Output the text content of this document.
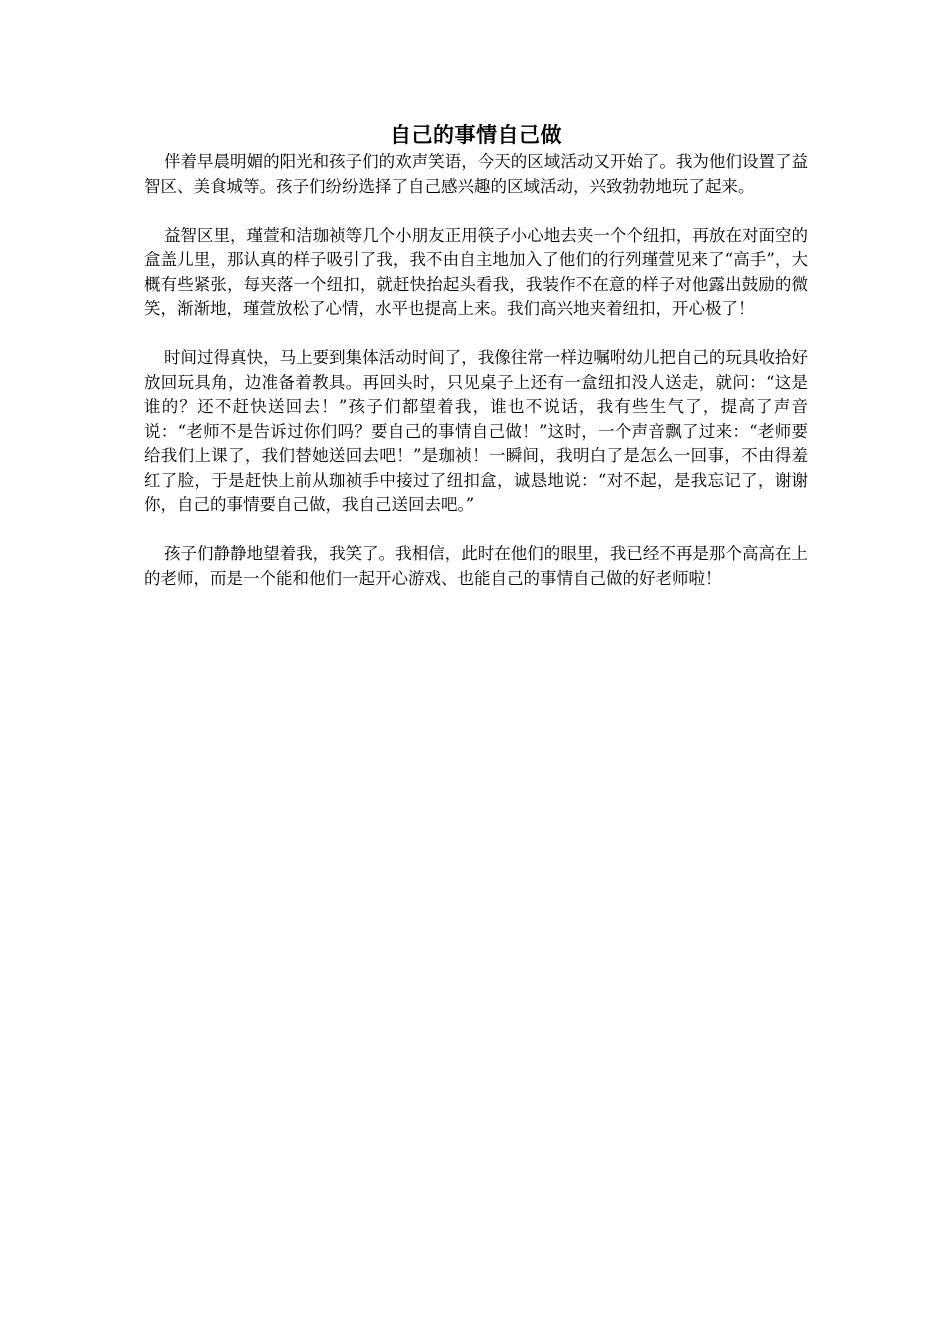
自己的事情自己做

伴着早晨明媚的阳光和孩子们的欢声笑语，今天的区域活动又开始了。我为他们设置了益智区、美食城等。孩子们纷纷选择了自己感兴趣的区域活动，兴致勃勃地玩了起来。

益智区里，瑾萱和洁珈祯等几个小朋友正用筷子小心地去夹一个个纽扣，再放在对面空的盒盖儿里，那认真的样子吸引了我，我不由自主地加入了他们的行列瑾萱见来了“高手”，大概有些紧张，每夹落一个纽扣，就赶快抬起头看我，我装作不在意的样子对他露出鼓励的微笑，渐渐地，瑾萱放松了心情，水平也提高上来。我们高兴地夹着纽扣，开心极了！

时间过得真快，马上要到集体活动时间了，我像往常一样边嘱咐幼儿把自己的玩具收拾好放回玩具角，边准备着教具。再回头时，只见桌子上还有一盒纽扣没人送走，就问：“这是谁的？还不赶快送回去！”孩子们都望着我，谁也不说话，我有些生气了，提高了声音说：“老师不是告诉过你们吗？要自己的事情自己做！”这时，一个声音飘了过来：“老师要给我们上课了，我们替她送回去吧！”是珈祯！一瞬间，我明白了是怎么一回事，不由得羞红了脸，于是赶快上前从珈祯手中接过了纽扣盒，诚恳地说：“对不起，是我忘记了，谢谢你，自己的事情要自己做，我自己送回去吧。”

孩子们静静地望着我，我笑了。我相信，此时在他们的眼里，我已经不再是那个高高在上的老师，而是一个能和他们一起开心游戏、也能自己的事情自己做的好老师啦！
